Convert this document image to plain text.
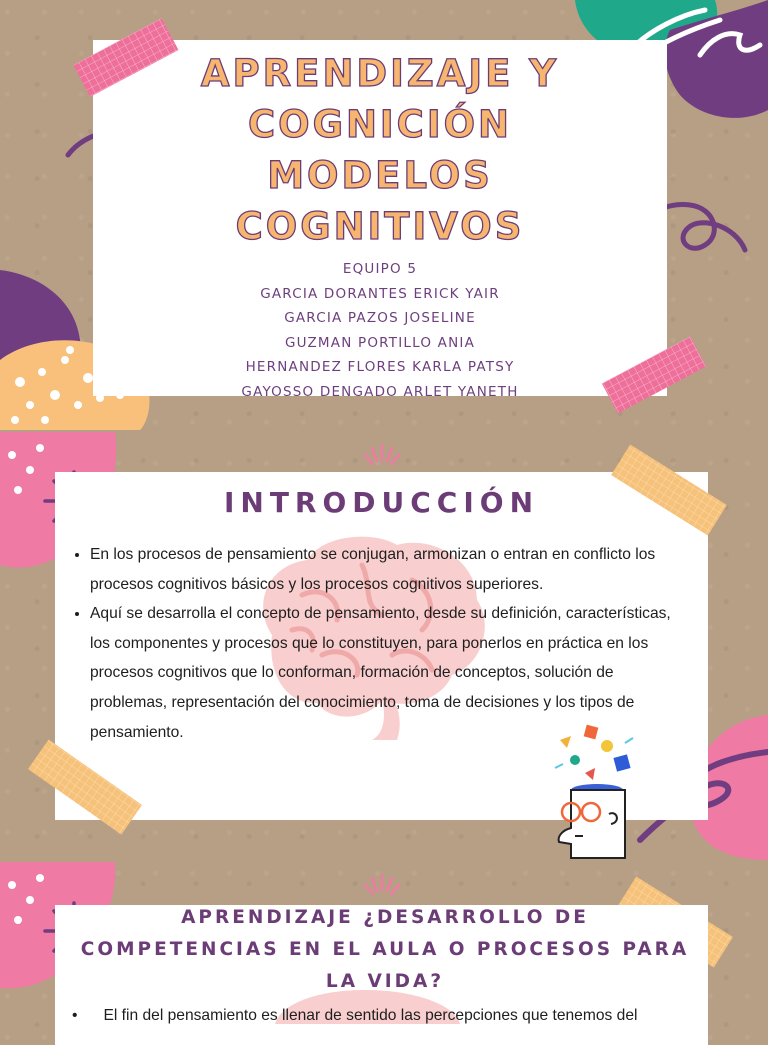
APRENDIZAJE Y
COGNICIÓN
MODELOS
COGNITIVOS
EQUIPO 5
GARCIA DORANTES ERICK YAIR
GARCIA PAZOS JOSELINE
GUZMAN PORTILLO ANIA
HERNANDEZ FLORES KARLA PATSY
GAYOSSO DENGADO ARLET YANETH
INTRODUCCIÓN
• En los procesos de pensamiento se conjugan, armonizan o entran en conflicto los procesos cognitivos básicos y los procesos cognitivos superiores.
• Aquí se desarrolla el concepto de pensamiento, desde su definición, características, los componentes y procesos que lo constituyen, para ponerlos en práctica en los procesos cognitivos que lo conforman, formación de conceptos, solución de problemas, representación del conocimiento, toma de decisiones y los tipos de pensamiento.
APRENDIZAJE ¿DESARROLLO DE
COMPETENCIAS EN EL AULA O PROCESOS PARA
LA VIDA?
•      El fin del pensamiento es llenar de sentido las percepciones que tenemos del
